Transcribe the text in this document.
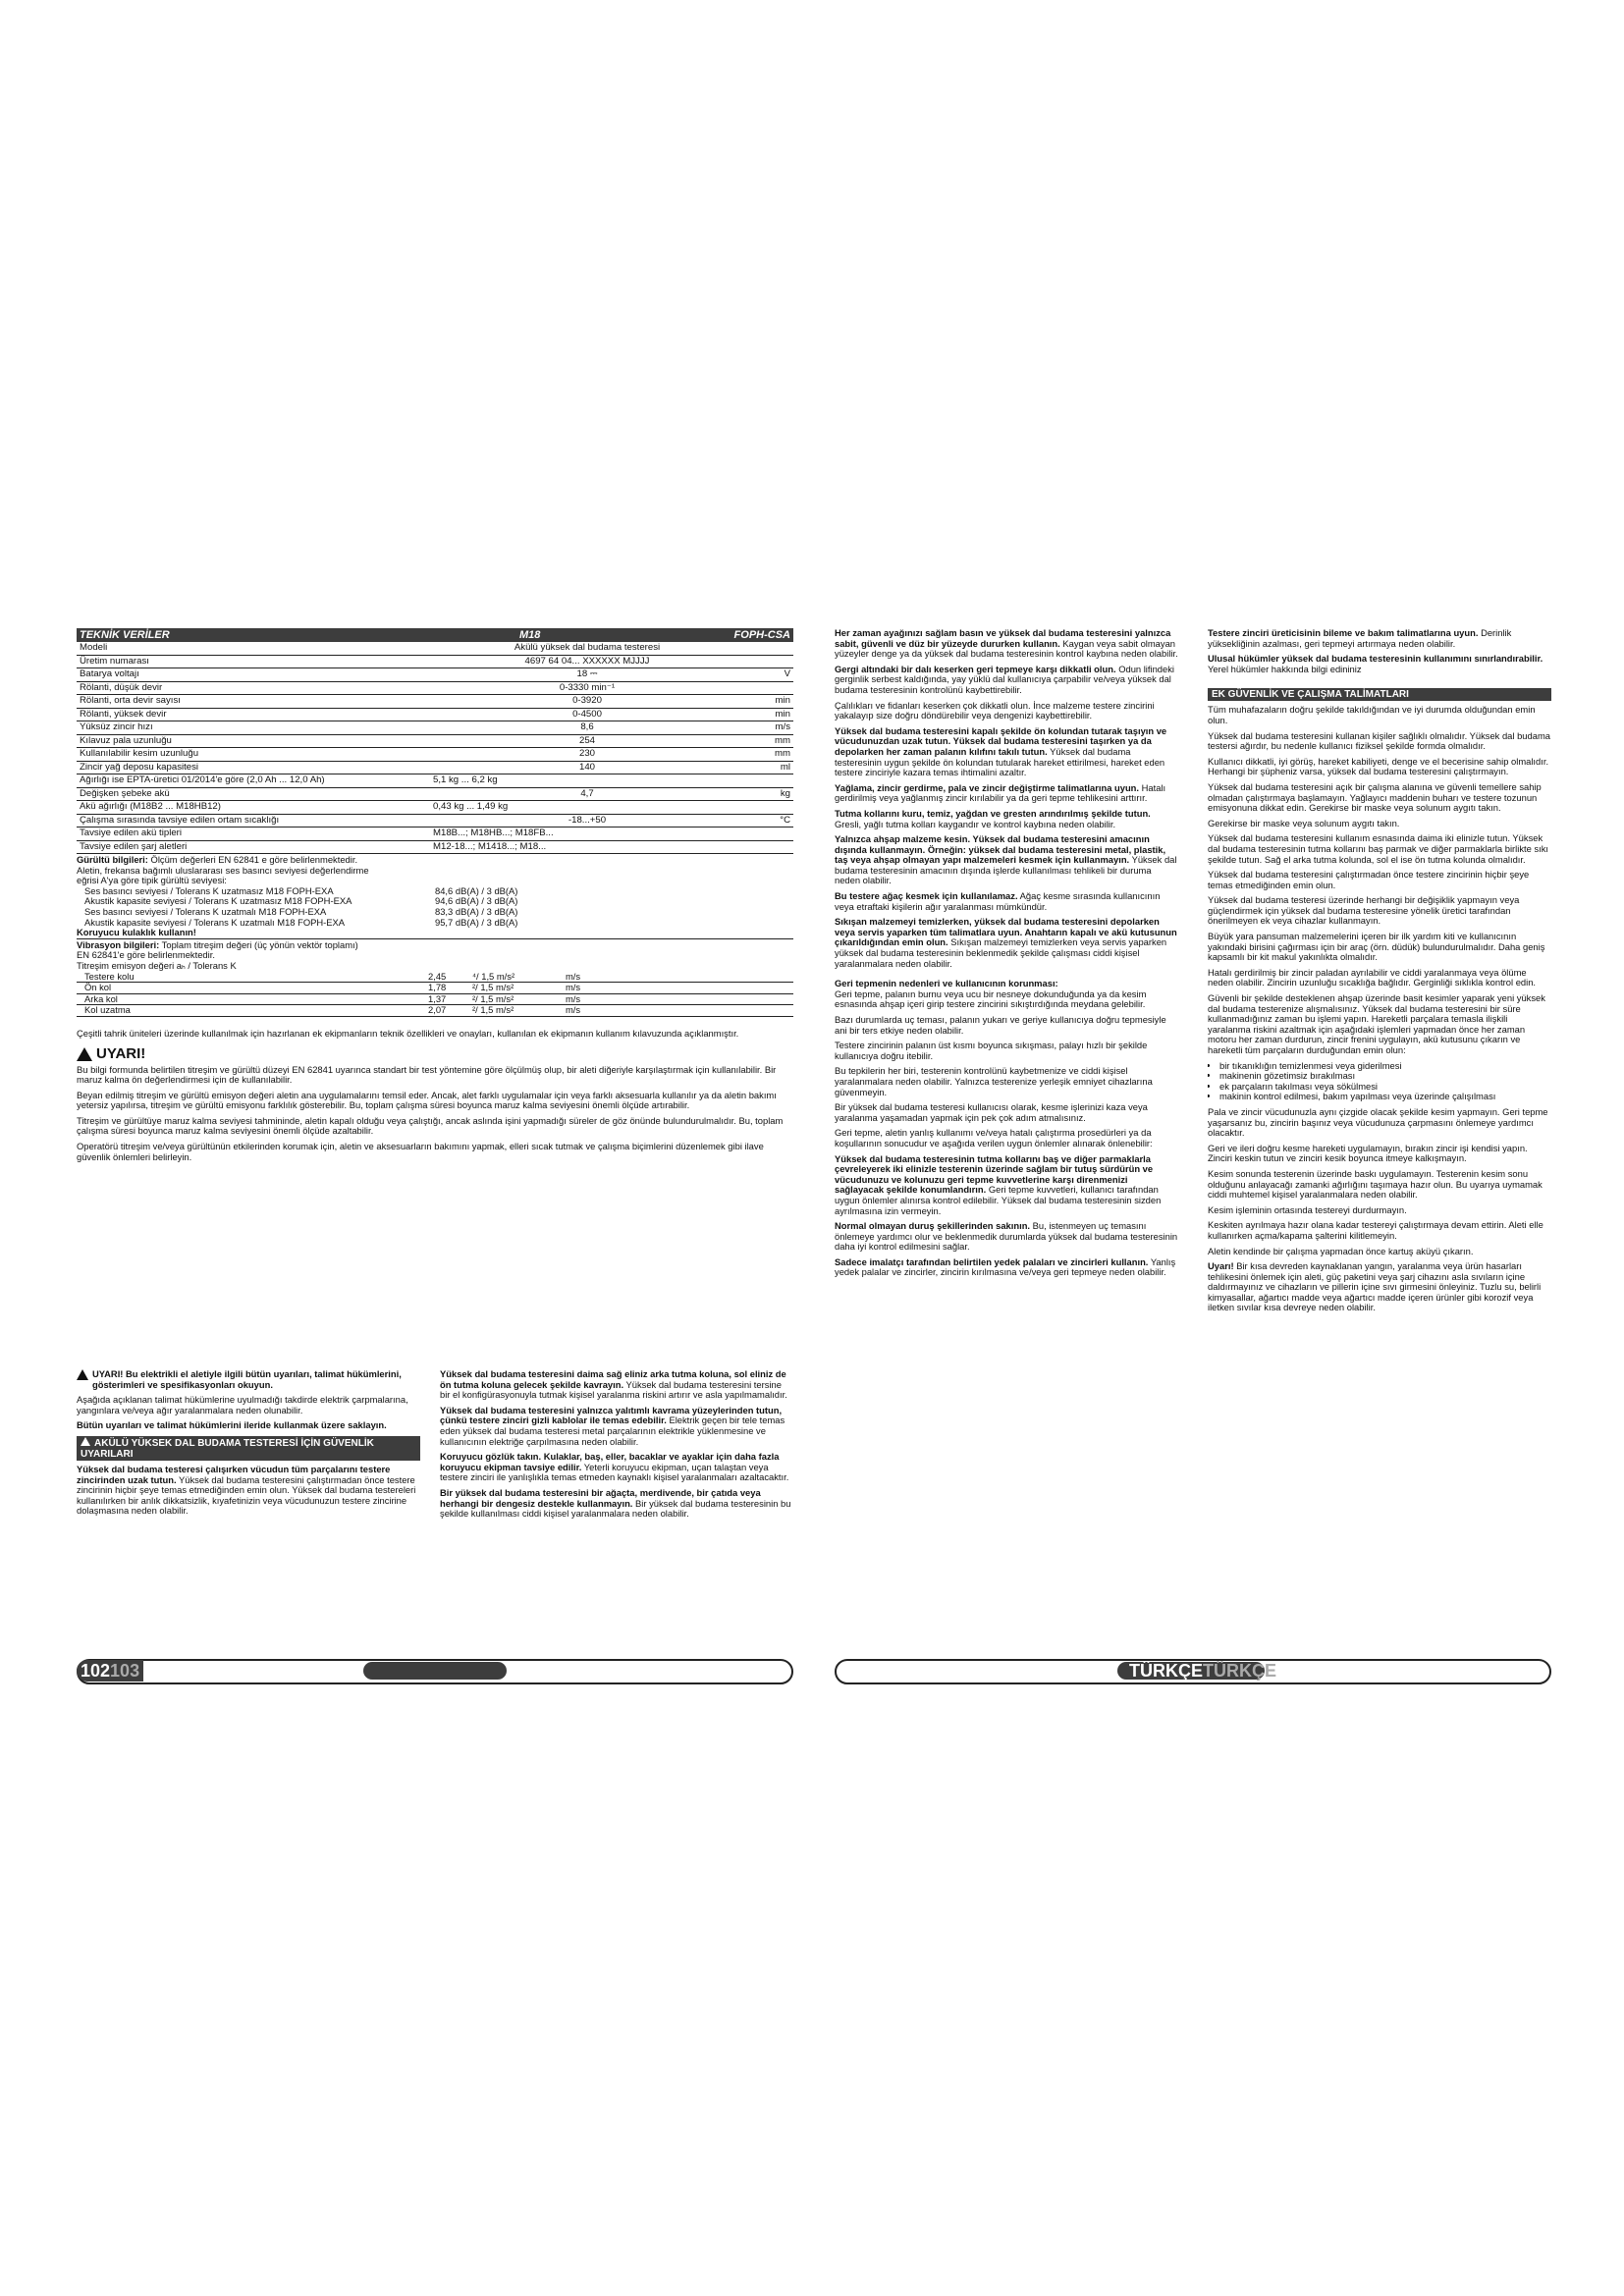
TEKNİK VERİLER	M18	FOPH-CSA
Modeli	Akülü yüksek dal budama testeresi
Üretim numarası	4697 64 04... XXXXXX MJJJJ
Batarya voltajı	18 ⎓	V
Rölanti, düşük devir	0-3330 min⁻¹
Rölanti, orta devir sayısı	0-3920	min
Rölanti, yüksek devir	0-4500	min
Yüksüz zincir hızı	8,6	m/s
Kılavuz pala uzunluğu	254	mm
Kullanılabilir kesim uzunluğu	230	mm
Zincir yağ deposu kapasitesi	140	ml
Ağırlığı ise EPTA-üretici 01/2014'e göre (2,0 Ah ... 12,0 Ah)	5,1 kg ... 6,2 kg
Değişken şebeke akü	4,7	kg
Akü ağırlığı (M18B2 ... M18HB12)	0,43 kg ... 1,49 kg
Çalışma sırasında tavsiye edilen ortam sıcaklığı	-18...+50	°C
Tavsiye edilen akü tipleri	M18B...; M18HB...; M18FB...
Tavsiye edilen şarj aletleri	M12-18...; M1418...; M18...
Gürültü bilgileri: Ölçüm değerleri EN 62841 e göre belirlenmektedir.
Aletin, frekansa bağımlı uluslararası ses basıncı seviyesi değerlendirme eğrisi A'ya göre tipik gürültü seviyesi:
Ses basıncı seviyesi / Tolerans K uzatmasız M18 FOPH-EXA	84,6 dB(A) / 3 dB(A)
Akustik kapasite seviyesi / Tolerans K uzatmasız M18 FOPH-EXA	94,6 dB(A) / 3 dB(A)
Ses basıncı seviyesi / Tolerans K uzatmalı M18 FOPH-EXA	83,3 dB(A) / 3 dB(A)
Akustik kapasite seviyesi / Tolerans K uzatmalı M18 FOPH-EXA	95,7 dB(A) / 3 dB(A)
Koruyucu kulaklık kullanın!
Vibrasyon bilgileri: Toplam titreşim değeri (üç yönün vektör toplamı) EN 62841'e göre belirlenmektedir.
Titreşim emisyon değeri aₕ / Tolerans K
Testere kolu	2,45	⁴/ 1,5 m/s²	m/s
Ön kol	1,78	²/ 1,5 m/s²	m/s
Arka kol	1,37	²/ 1,5 m/s²	m/s
Kol uzatma	2,07	²/ 1,5 m/s²	m/s
Çeşitli tahrik üniteleri üzerinde kullanılmak için hazırlanan ek ekipmanların teknik özellikleri ve onayları, kullanılan ek ekipmanın kullanım kılavuzunda açıklanmıştır.
UYARI!

Bu bilgi formunda belirtilen titreşim ve gürültü düzeyi EN 62841 uyarınca standart bir test yöntemine göre ölçülmüş olup, bir aleti diğeriyle karşılaştırmak için kullanılabilir. Bir maruz kalma ön değerlendirmesi için de kullanılabilir.

Beyan edilmiş titreşim ve gürültü emisyon değeri aletin ana uygulamalarını temsil eder. Ancak, alet farklı uygulamalar için veya farklı aksesuarla kullanılır ya da aletin bakımı yetersiz yapılırsa, titreşim ve gürültü emisyonu farklılık gösterebilir. Bu, toplam çalışma süresi boyunca maruz kalma seviyesini önemli ölçüde artırabilir.

Titreşim ve gürültüye maruz kalma seviyesi tahmininde, aletin kapalı olduğu veya çalıştığı, ancak aslında işini yapmadığı süreler de göz önünde bulundurulmalıdır. Bu, toplam çalışma süresi boyunca maruz kalma seviyesini önemli ölçüde azaltabilir.

Operatörü titreşim ve/veya gürültünün etkilerinden korumak için, aletin ve aksesuarların bakımını yapmak, elleri sıcak tutmak ve çalışma biçimlerini düzenlemek gibi ilave güvenlik önlemleri belirleyin.

UYARI! Bu elektrikli el aletiyle ilgili bütün uyarıları, talimat hükümlerini, gösterimleri ve spesifikasyonları okuyun.

Aşağıda açıklanan talimat hükümlerine uyulmadığı takdirde elektrik çarpmalarına, yangınlara ve/veya ağır yaralanmalara neden olunabilir.

Bütün uyarıları ve talimat hükümlerini ileride kullanmak üzere saklayın.

AKÜLÜ YÜKSEK DAL BUDAMA TESTERESİ İÇİN GÜVENLİK UYARILARI

Yüksek dal budama testeresi çalışırken vücudun tüm parçalarını testere zincirinden uzak tutun. Yüksek dal budama testeresini çalıştırmadan önce testere zincirinin hiçbir şeye temas etmediğinden emin olun. Yüksek dal budama testereleri kullanılırken bir anlık dikkatsizlik, kıyafetinizin veya vücudunuzun testere zincirine dolaşmasına neden olabilir.

Yüksek dal budama testeresini daima sağ eliniz arka tutma koluna, sol eliniz de ön tutma koluna gelecek şekilde kavrayın. Yüksek dal budama testeresini tersine bir el konfigürasyonuyla tutmak kişisel yaralanma riskini artırır ve asla yapılmamalıdır.

Yüksek dal budama testeresini yalnızca yalıtımlı kavrama yüzeylerinden tutun, çünkü testere zinciri gizli kablolar ile temas edebilir. Elektrik geçen bir tele temas eden yüksek dal budama testeresi metal parçalarının elektrikle yüklenmesine ve kullanıcının elektriğe çarpılmasına neden olabilir.

Koruyucu gözlük takın. Kulaklar, baş, eller, bacaklar ve ayaklar için daha fazla koruyucu ekipman tavsiye edilir. Yeterli koruyucu ekipman, uçan talaştan veya testere zinciri ile yanlışlıkla temas etmeden kaynaklı kişisel yaralanmaları azaltacaktır.

Bir yüksek dal budama testeresini bir ağaçta, merdivende, bir çatıda veya herhangi bir dengesiz destekle kullanmayın. Bir yüksek dal budama testeresinin bu şekilde kullanılması ciddi kişisel yaralanmalara neden olabilir.

102103

Her zaman ayağınızı sağlam basın ve yüksek dal budama testeresini yalnızca sabit, güvenli ve düz bir yüzeyde dururken kullanın. Kaygan veya sabit olmayan yüzeyler denge ya da yüksek dal budama testeresinin kontrol kaybına neden olabilir.

Gergi altındaki bir dalı keserken geri tepmeye karşı dikkatli olun. Odun lifindeki gerginlik serbest kaldığında, yay yüklü dal kullanıcıya çarpabilir ve/veya yüksek dal budama testeresinin kontrolünü kaybettirebilir.

Çalılıkları ve fidanları keserken çok dikkatli olun. İnce malzeme testere zincirini yakalayıp size doğru döndürebilir veya dengenizi kaybettirebilir.

Yüksek dal budama testeresini kapalı şekilde ön kolundan tutarak taşıyın ve vücudunuzdan uzak tutun. Yüksek dal budama testeresini taşırken ya da depolarken her zaman palanın kılıfını takılı tutun. Yüksek dal budama testeresinin uygun şekilde ön kolundan tutularak hareket ettirilmesi, hareket eden testere zinciriyle kazara temas ihtimalini azaltır.

Yağlama, zincir gerdirme, pala ve zincir değiştirme talimatlarına uyun. Hatalı gerdirilmiş veya yağlanmış zincir kırılabilir ya da geri tepme tehlikesini arttırır.

Tutma kollarını kuru, temiz, yağdan ve gresten arındırılmış şekilde tutun. Gresli, yağlı tutma kolları kaygandır ve kontrol kaybına neden olabilir.

Yalnızca ahşap malzeme kesin. Yüksek dal budama testeresini amacının dışında kullanmayın. Örneğin: yüksek dal budama testeresini metal, plastik, taş veya ahşap olmayan yapı malzemeleri kesmek için kullanmayın. Yüksek dal budama testeresinin amacının dışında işlerde kullanılması tehlikeli bir duruma neden olabilir.

Bu testere ağaç kesmek için kullanılamaz. Ağaç kesme sırasında kullanıcının veya etraftaki kişilerin ağır yaralanması mümkündür.

Sıkışan malzemeyi temizlerken, yüksek dal budama testeresini depolarken veya servis yaparken tüm talimatlara uyun. Anahtarın kapalı ve akü kutusunun çıkarıldığından emin olun. Sıkışan malzemeyi temizlerken veya servis yaparken yüksek dal budama testeresinin beklenmedik şekilde çalışması ciddi kişisel yaralanmalara neden olabilir.

Geri tepmenin nedenleri ve kullanıcının korunması:
Geri tepme, palanın burnu veya ucu bir nesneye dokunduğunda ya da kesim esnasında ahşap içeri girip testere zincirini sıkıştırdığında meydana gelebilir.

Bazı durumlarda uç teması, palanın yukarı ve geriye kullanıcıya doğru tepmesiyle ani bir ters etkiye neden olabilir.

Testere zincirinin palanın üst kısmı boyunca sıkışması, palayı hızlı bir şekilde kullanıcıya doğru itebilir.

Bu tepkilerin her biri, testerenin kontrolünü kaybetmenize ve ciddi kişisel yaralanmalara neden olabilir. Yalnızca testerenize yerleşik emniyet cihazlarına güvenmeyin.

Bir yüksek dal budama testeresi kullanıcısı olarak, kesme işlerinizi kaza veya yaralanma yaşamadan yapmak için pek çok adım atmalısınız.

Geri tepme, aletin yanlış kullanımı ve/veya hatalı çalıştırma prosedürleri ya da koşullarının sonucudur ve aşağıda verilen uygun önlemler alınarak önlenebilir:

Yüksek dal budama testeresinin tutma kollarını baş ve diğer parmaklarla çevreleyerek iki elinizle testerenin üzerinde sağlam bir tutuş sürdürün ve vücudunuzu ve kolunuzu geri tepme kuvvetlerine karşı direnmenizi sağlayacak şekilde konumlandırın. Geri tepme kuvvetleri, kullanıcı tarafından uygun önlemler alınırsa kontrol edilebilir. Yüksek dal budama testeresinin sizden ayrılmasına izin vermeyin.

Normal olmayan duruş şekillerinden sakının. Bu, istenmeyen uç temasını önlemeye yardımcı olur ve beklenmedik durumlarda yüksek dal budama testeresinin daha iyi kontrol edilmesini sağlar.

Sadece imalatçı tarafından belirtilen yedek palaları ve zincirleri kullanın. Yanlış yedek palalar ve zincirler, zincirin kırılmasına ve/veya geri tepmeye neden olabilir.

Testere zinciri üreticisinin bileme ve bakım talimatlarına uyun. Derinlik yüksekliğinin azalması, geri tepmeyi artırmaya neden olabilir.

Ulusal hükümler yüksek dal budama testeresinin kullanımını sınırlandırabilir. Yerel hükümler hakkında bilgi edininiz

EK GÜVENLİK VE ÇALIŞMA TALİMATLARI

Tüm muhafazaların doğru şekilde takıldığından ve iyi durumda olduğundan emin olun.

Yüksek dal budama testeresini kullanan kişiler sağlıklı olmalıdır. Yüksek dal budama testersi ağırdır, bu nedenle kullanıcı fiziksel şekilde formda olmalıdır.

Kullanıcı dikkatli, iyi görüş, hareket kabiliyeti, denge ve el becerisine sahip olmalıdır. Herhangi bir şüpheniz varsa, yüksek dal budama testeresini çalıştırmayın.

Yüksek dal budama testeresini açık bir çalışma alanına ve güvenli temellere sahip olmadan çalıştırmaya başlamayın. Yağlayıcı maddenin buharı ve testere tozunun emisyonuna dikkat edin. Gerekirse bir maske veya solunum aygıtı takın.

Gerekirse bir maske veya solunum aygıtı takın.

Yüksek dal budama testeresini kullanım esnasında daima iki elinizle tutun. Yüksek dal budama testeresinin tutma kollarını baş parmak ve diğer parmaklarla birlikte sıkı şekilde tutun. Sağ el arka tutma kolunda, sol el ise ön tutma kolunda olmalıdır.

Yüksek dal budama testeresini çalıştırmadan önce testere zincirinin hiçbir şeye temas etmediğinden emin olun.

Yüksek dal budama testeresi üzerinde herhangi bir değişiklik yapmayın veya güçlendirmek için yüksek dal budama testeresine yönelik üretici tarafından önerilmeyen ek veya cihazlar kullanmayın.

Büyük yara pansuman malzemelerini içeren bir ilk yardım kiti ve kullanıcının yakındaki birisini çağırması için bir araç (örn. düdük) bulundurulmalıdır. Daha geniş kapsamlı bir kit makul yakınlıkta olmalıdır.

Hatalı gerdirilmiş bir zincir paladan ayrılabilir ve ciddi yaralanmaya veya ölüme neden olabilir. Zincirin uzunluğu sıcaklığa bağlıdır. Gerginliği sıklıkla kontrol edin.

Güvenli bir şekilde desteklenen ahşap üzerinde basit kesimler yaparak yeni yüksek dal budama testerenize alışmalısınız. Yüksek dal budama testeresini bir süre kullanmadığınız zaman bu işlemi yapın. Hareketli parçalara temasla ilişkili yaralanma riskini azaltmak için aşağıdaki işlemleri yapmadan önce her zaman motoru her zaman durdurun, zincir frenini uygulayın, akü kutusunu çıkarın ve hareketli tüm parçaların durduğundan emin olun:

• bir tıkanıklığın temizlenmesi veya giderilmesi
• makinenin gözetimsiz bırakılması
• ek parçaların takılması veya sökülmesi
• makinin kontrol edilmesi, bakım yapılması veya üzerinde çalışılması

Pala ve zincir vücudunuzla aynı çizgide olacak şekilde kesim yapmayın. Geri tepme yaşarsanız bu, zincirin başınız veya vücudunuza çarpmasını önlemeye yardımcı olacaktır.

Geri ve ileri doğru kesme hareketi uygulamayın, bırakın zincir işi kendisi yapın. Zinciri keskin tutun ve zinciri kesik boyunca itmeye kalkışmayın.

Kesim sonunda testerenin üzerinde baskı uygulamayın. Testerenin kesim sonu olduğunu anlayacağı zamanki ağırlığını taşımaya hazır olun. Bu uyarıya uymamak ciddi muhtemel kişisel yaralanmalara neden olabilir.

Kesim işleminin ortasında testereyi durdurmayın.

Keskiten ayrılmaya hazır olana kadar testereyi çalıştırmaya devam ettirin. Aleti elle kullanırken açma/kapama şalterini kilitlemeyin.

Aletin kendinde bir çalışma yapmadan önce kartuş aküyü çıkarın.

Uyarı! Bir kısa devreden kaynaklanan yangın, yaralanma veya ürün hasarları tehlikesini önlemek için aleti, güç paketini veya şarj cihazını asla sıvıların içine daldırmayınız ve cihazların ve pillerin içine sıvı girmesini önleyiniz. Tuzlu su, belirli kimyasallar, ağartıcı madde veya ağartıcı madde içeren ürünler gibi korozif veya iletken sıvılar kısa devreye neden olabilir.

TÜRKÇETÜRKÇE
